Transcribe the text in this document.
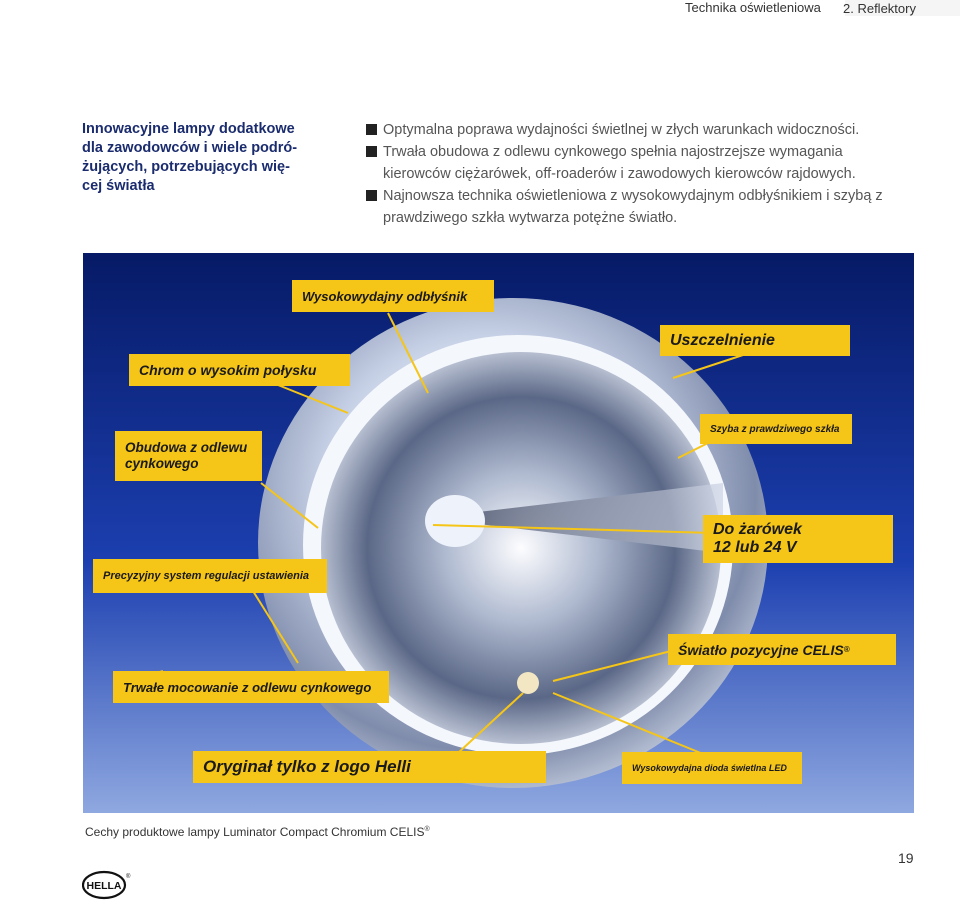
Technika oświetleniowa 2. Reflektory
Innowacyjne lampy dodatkowe
dla zawodowców i wiele podró-
żujących, potrzebujących wię-
cej światła
Optymalna poprawa wydajności świetlnej w złych warunkach widoczności.
Trwała obudowa z odlewu cynkowego spełnia najostrzejsze wymagania
kierowców ciężarówek, off-roaderów i zawodowych kierowców rajdowych.
Najnowsza technika oświetleniowa z wysokowydajnym odbłyśnikiem i szybą z
prawdziwego szkła wytwarza potężne światło.
Wysokowydajny odbłyśnik
Uszczelnienie
Chrom o wysokim połysku
Obudowa z odlewu
cynkowego
Szyba z prawdziwego szkła
Do żarówek
12 lub 24 V
Precyzyjny system regulacji ustawienia
Światło pozycyjne CELIS ®
Trwałe mocowanie z odlewu cynkowego
Oryginał tylko z logo Helli	Wysokowydajna dioda świetlna LED
Cechy produktowe lampy Luminator Compact Chromium CELIS®
19
HELLA
®
